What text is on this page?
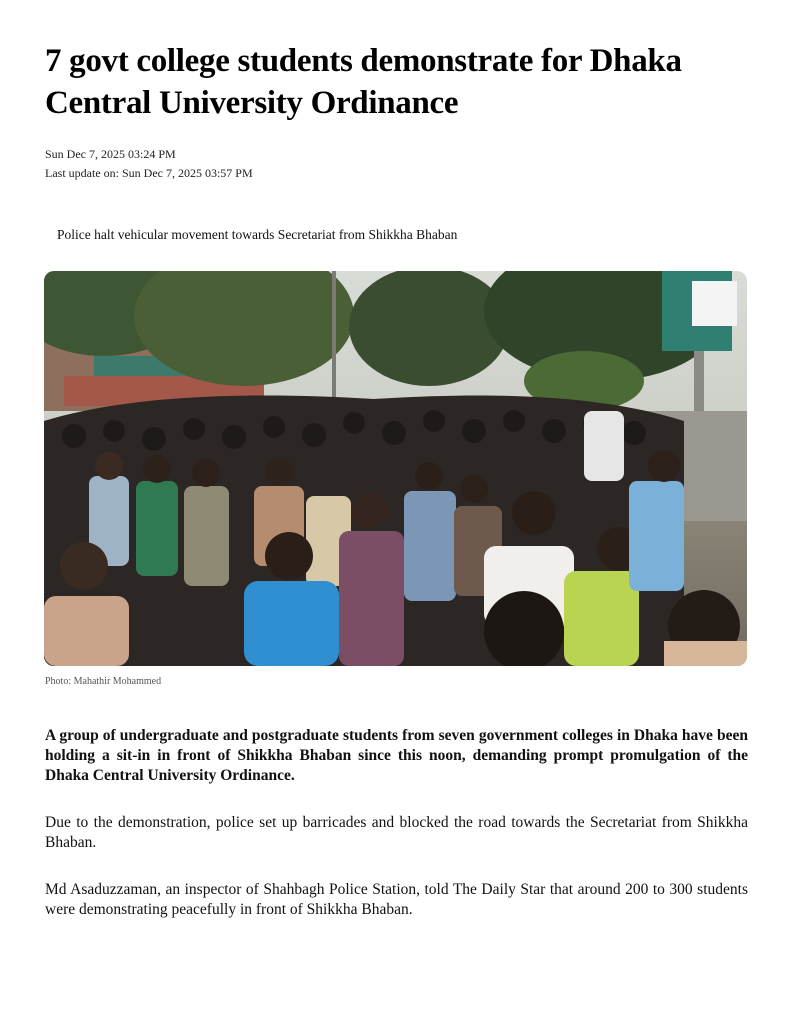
7 govt college students demonstrate for Dhaka Central University Ordinance
Sun Dec 7, 2025 03:24 PM
Last update on: Sun Dec 7, 2025 03:57 PM
Police halt vehicular movement towards Secretariat from Shikkha Bhaban
Photo: Mahathir Mohammed

A group of undergraduate and postgraduate students from seven government colleges in Dhaka have been holding a sit-in in front of Shikkha Bhaban since this noon, demanding prompt promulgation of the Dhaka Central University Ordinance.

Due to the demonstration, police set up barricades and blocked the road towards the Secretariat from Shikkha Bhaban.

Md Asaduzzaman, an inspector of Shahbagh Police Station, told The Daily Star that around 200 to 300 students were demonstrating peacefully in front of Shikkha Bhaban.
